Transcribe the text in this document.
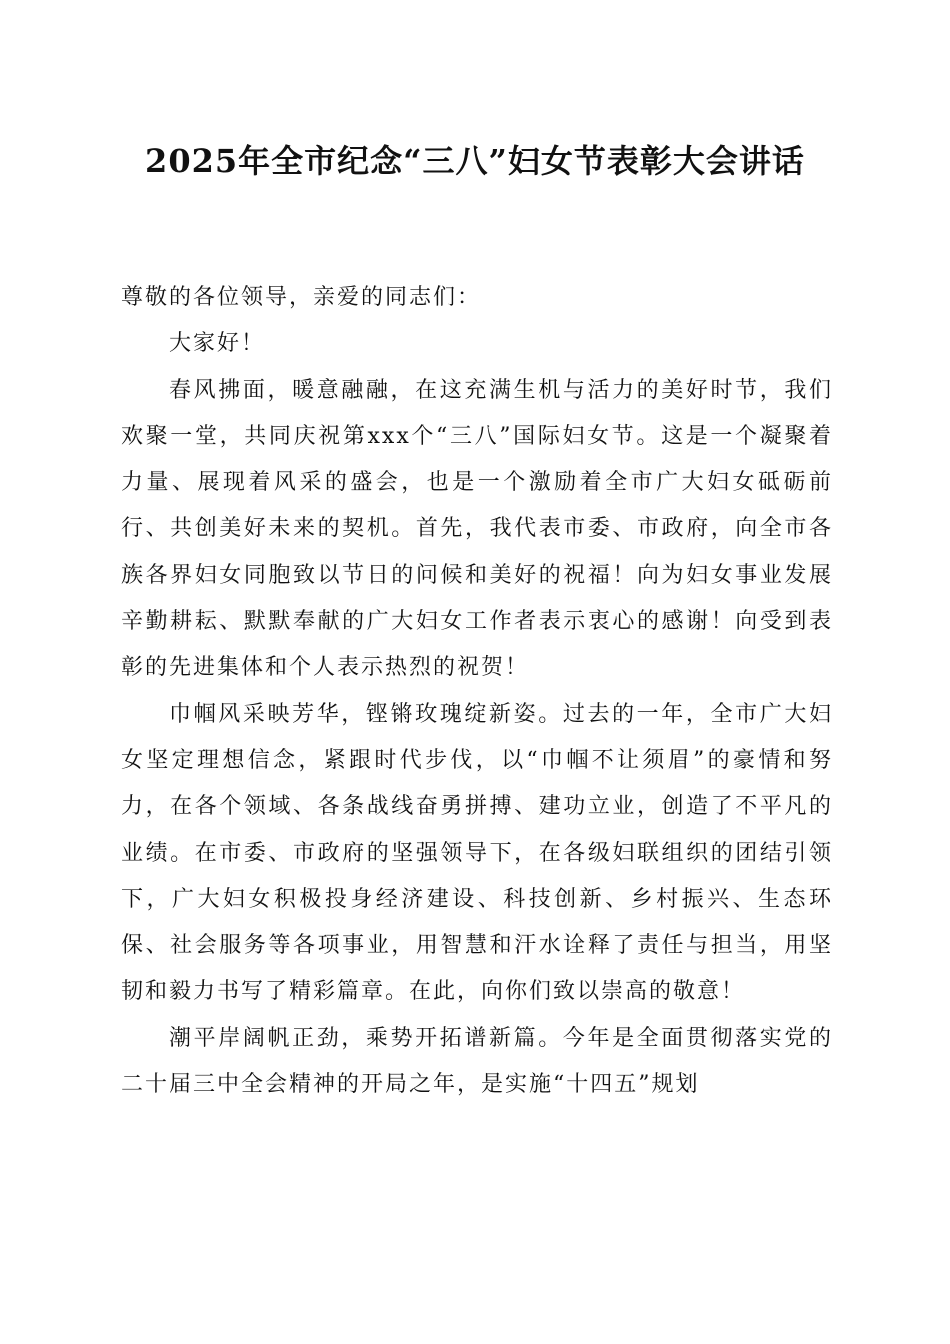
2025年全市纪念“三八”妇女节表彰大会讲话

尊敬的各位领导，亲爱的同志们：

大家好！

春风拂面，暖意融融，在这充满生机与活力的美好时节，我们欢聚一堂，共同庆祝第xxx个“三八”国际妇女节。这是一个凝聚着力量、展现着风采的盛会，也是一个激励着全市广大妇女砥砺前行、共创美好未来的契机。首先，我代表市委、市政府，向全市各族各界妇女同胞致以节日的问候和美好的祝福！向为妇女事业发展辛勤耕耘、默默奉献的广大妇女工作者表示衷心的感谢！向受到表彰的先进集体和个人表示热烈的祝贺！

巾帼风采映芳华，铿锵玫瑰绽新姿。过去的一年，全市广大妇女坚定理想信念，紧跟时代步伐，以“巾帼不让须眉”的豪情和努力，在各个领域、各条战线奋勇拼搏、建功立业，创造了不平凡的业绩。在市委、市政府的坚强领导下，在各级妇联组织的团结引领下，广大妇女积极投身经济建设、科技创新、乡村振兴、生态环保、社会服务等各项事业，用智慧和汗水诠释了责任与担当，用坚韧和毅力书写了精彩篇章。在此，向你们致以崇高的敬意！

潮平岸阔帆正劲，乘势开拓谱新篇。今年是全面贯彻落实党的二十届三中全会精神的开局之年，是实施“十四五”规划
